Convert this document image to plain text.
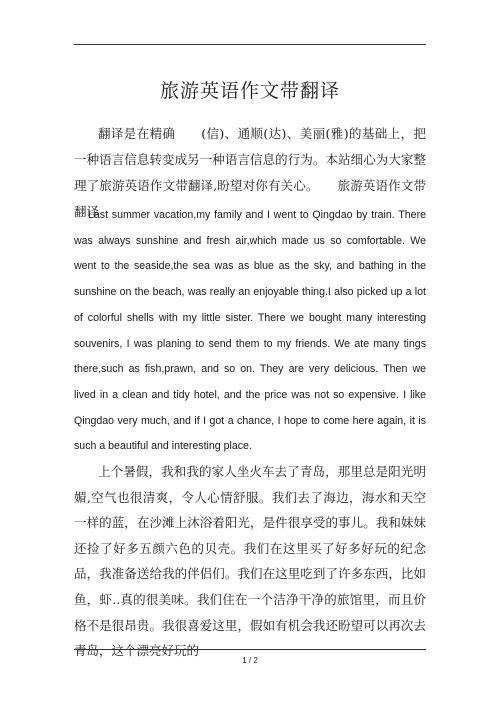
旅游英语作文带翻译

翻译是在精确　　(信)、通顺(达)、美丽(雅)的基础上，把一种语言信息转变成另一种语言信息的行为。本站细心为大家整理了旅游英语作文带翻译,盼望对你有关心。　　旅游英语作文带翻译

Last summer vacation,my family and I went to Qingdao by train. There was always sunshine and fresh air,which made us so comfortable. We went to the seaside,the sea was as blue as the sky, and bathing in the sunshine on the beach, was really an enjoyable thing.I also picked up a lot of colorful shells with my little sister. There we bought many interesting souvenirs, I was planing to send them to my friends. We ate many tings there,such as fish,prawn, and so on. They are very delicious. Then we lived in a clean and tidy hotel, and the price was not so expensive. I like Qingdao very much, and if I got a chance, I hope to come here again, it is such a beautiful and interesting place.

上个暑假，我和我的家人坐火车去了青岛，那里总是阳光明媚,空气也很清爽，令人心情舒服。我们去了海边，海水和天空一样的蓝，在沙滩上沐浴着阳光，是件很享受的事儿。我和妹妹还捡了好多五颜六色的贝壳。我们在这里买了好多好玩的纪念品，我准备送给我的伴侣们。我们在这里吃到了许多东西，比如鱼，虾..真的很美味。我们住在一个洁净干净的旅馆里，而且价格不是很昂贵。我很喜爱这里，假如有机会我还盼望可以再次去青岛，这个漂亮好玩的

1 / 2
